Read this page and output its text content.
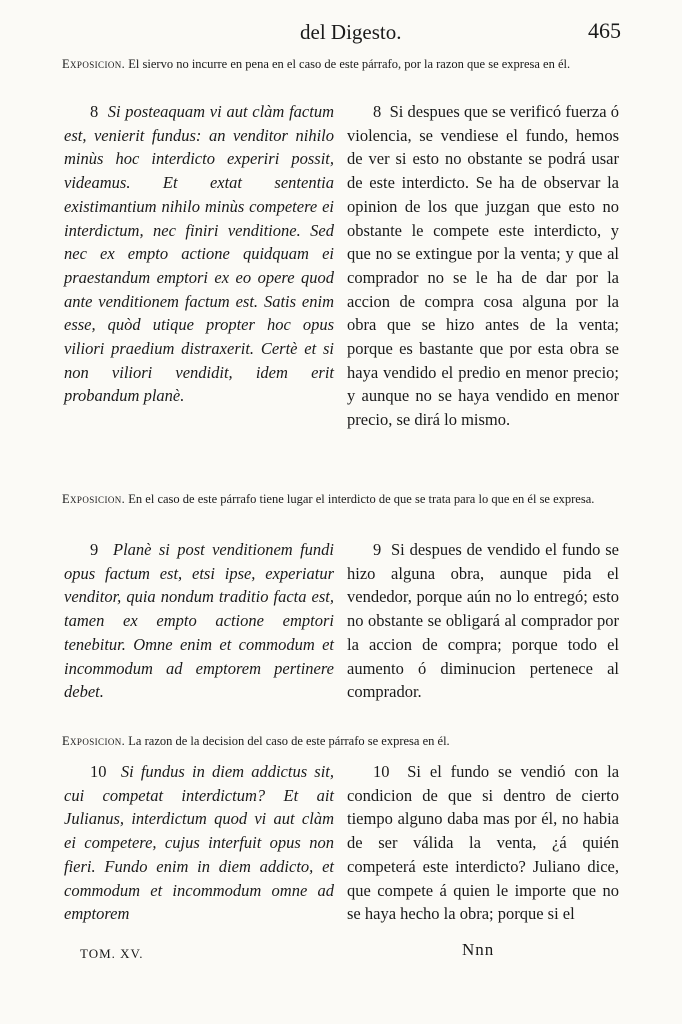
del Digesto.	465
Exposicion. El siervo no incurre en pena en el caso de este párrafo, por la razon que se expresa en él.

8 Si posteaquam vi aut clàm factum est, venierit fundus: an venditor nihilo minùs hoc interdicto experiri possit, videamus. Et extat sententia existimantium nihilo minùs competere ei interdictum, nec finiri venditione. Sed nec ex empto actione quidquam ei praestandum emptori ex eo opere quod ante venditionem factum est. Satis enim esse, quòd utique propter hoc opus viliori praedium distraxerit. Certè et si non viliori vendidit, idem erit probandum planè.

8 Si despues que se verificó fuerza ó violencia, se vendiese el fundo, hemos de ver si esto no obstante se podrá usar de este interdicto. Se ha de observar la opinion de los que juzgan que esto no obstante le compete este interdicto, y que no se extingue por la venta; y que al comprador no se le ha de dar por la accion de compra cosa alguna por la obra que se hizo antes de la venta; porque es bastante que por esta obra se haya vendido el predio en menor precio; y aunque no se haya vendido en menor precio, se dirá lo mismo.

Exposicion. En el caso de este párrafo tiene lugar el interdicto de que se trata para lo que en él se expresa.

9 Planè si post venditionem fundi opus factum est, etsi ipse, experiatur venditor, quia nondum traditio facta est, tamen ex empto actione emptori tenebitur. Omne enim et commodum et incommodum ad emptorem pertinere debet.

9 Si despues de vendido el fundo se hizo alguna obra, aunque pida el vendedor, porque aún no lo entregó; esto no obstante se obligará al comprador por la accion de compra; porque todo el aumento ó diminucion pertenece al comprador.

Exposicion. La razon de la decision del caso de este párrafo se expresa en él.

10 Si fundus in diem addictus sit, cui competat interdictum? Et ait Julianus, interdictum quod vi aut clàm ei competere, cujus interfuit opus non fieri. Fundo enim in diem addicto, et commodum et incommodum omne ad emptorem

10 Si el fundo se vendió con la condicion de que si dentro de cierto tiempo alguno daba mas por él, no habia de ser válida la venta, ¿á quién competerá este interdicto? Juliano dice, que compete á quien le importe que no se haya hecho la obra; porque si el

TOM. XV.	Nnn
